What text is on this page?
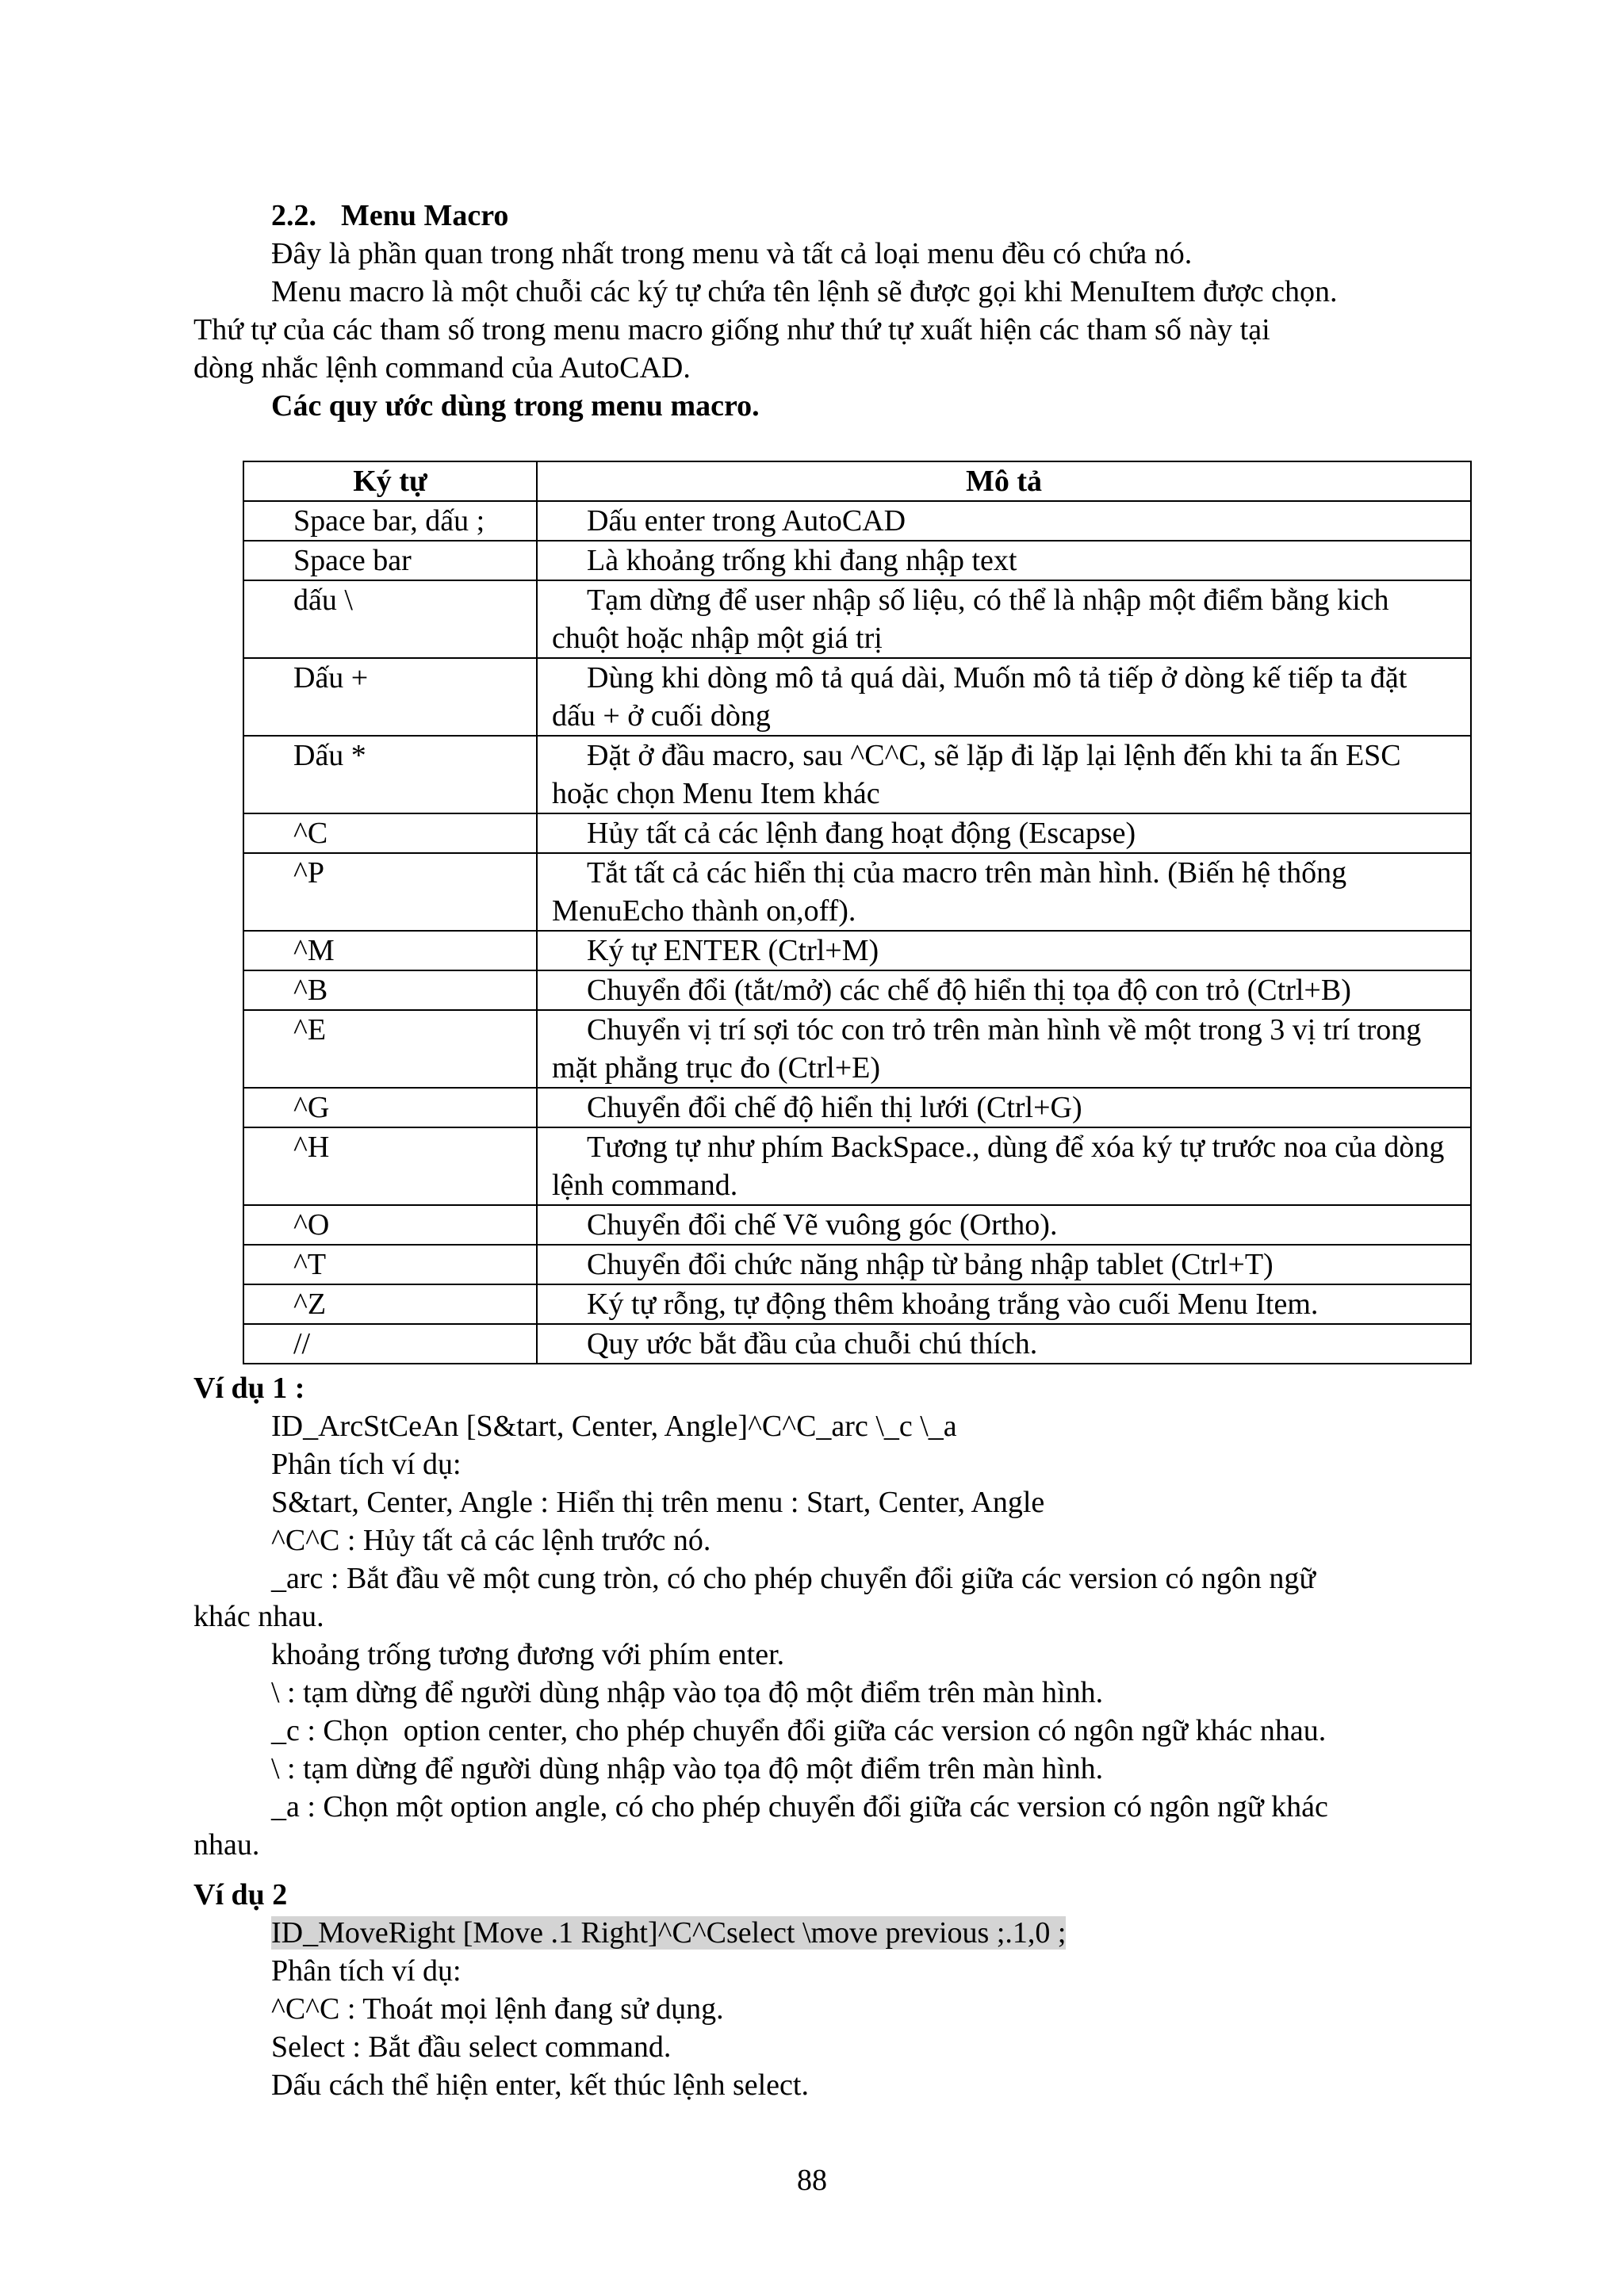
2.2. Menu Macro
Đây là phần quan trong nhất trong menu và tất cả loại menu đều có chứa nó.
Menu macro là một chuỗi các ký tự chứa tên lệnh sẽ được gọi khi MenuItem được chọn.
Thứ tự của các tham số trong menu macro giống như thứ tự xuất hiện các tham số này tại
dòng nhắc lệnh command của AutoCAD.
Các quy ước dùng trong menu macro.
Ký tự	Mô tả
Space bar, dấu ;	Dấu enter trong AutoCAD

Space bar	Là khoảng trống khi đang nhập text

dấu \	Tạm dừng để user nhập số liệu, có thể là nhập một điểm bằng kich chuột hoặc nhập một giá trị

Dấu +	Dùng khi dòng mô tả quá dài, Muốn mô tả tiếp ở dòng kế tiếp ta đặt dấu + ở cuối dòng

Dấu *	Đặt ở đầu macro, sau ^C^C, sẽ lặp đi lặp lại lệnh đến khi ta ấn ESC hoặc chọn Menu Item khác

^C	Hủy tất cả các lệnh đang hoạt động (Escapse)

^P	Tắt tất cả các hiển thị của macro trên màn hình. (Biến hệ thống MenuEcho thành on,off).

^M	Ký tự ENTER (Ctrl+M)

^B	Chuyển đổi (tắt/mở) các chế độ hiển thị tọa độ con trỏ (Ctrl+B)

^E	Chuyển vị trí sợi tóc con trỏ trên màn hình về một trong 3 vị trí trong mặt phẳng trục đo (Ctrl+E)

^G	Chuyển đổi chế độ hiển thị lưới (Ctrl+G)

^H	Tương tự như phím BackSpace., dùng để xóa ký tự trước noa của dòng lệnh command.

^O	Chuyển đổi chế Vẽ vuông góc (Ortho).

^T	Chuyển đổi chức năng nhập từ bảng nhập tablet (Ctrl+T)

^Z	Ký tự rỗng, tự động thêm khoảng trắng vào cuối Menu Item.

//	Quy ước bắt đầu của chuỗi chú thích.
Ví dụ 1 :
ID_ArcStCeAn [S&tart, Center, Angle]^C^C_arc \_c \_a
Phân tích ví dụ:
S&tart, Center, Angle : Hiển thị trên menu : Start, Center, Angle
^C^C : Hủy tất cả các lệnh trước nó.
_arc : Bắt đầu vẽ một cung tròn, có cho phép chuyển đổi giữa các version có ngôn ngữ
khác nhau.
khoảng trống tương đương với phím enter.
\ : tạm dừng để người dùng nhập vào tọa độ một điểm trên màn hình.
_c : Chọn  option center, cho phép chuyển đổi giữa các version có ngôn ngữ khác nhau.
\ : tạm dừng để người dùng nhập vào tọa độ một điểm trên màn hình.
_a : Chọn một option angle, có cho phép chuyển đổi giữa các version có ngôn ngữ khác
nhau.
Ví dụ 2
ID_MoveRight [Move .1 Right]^C^Cselect \move previous ;.1,0 ;
Phân tích ví dụ:
^C^C : Thoát mọi lệnh đang sử dụng.
Select : Bắt đầu select command.
Dấu cách thể hiện enter, kết thúc lệnh select.
88
